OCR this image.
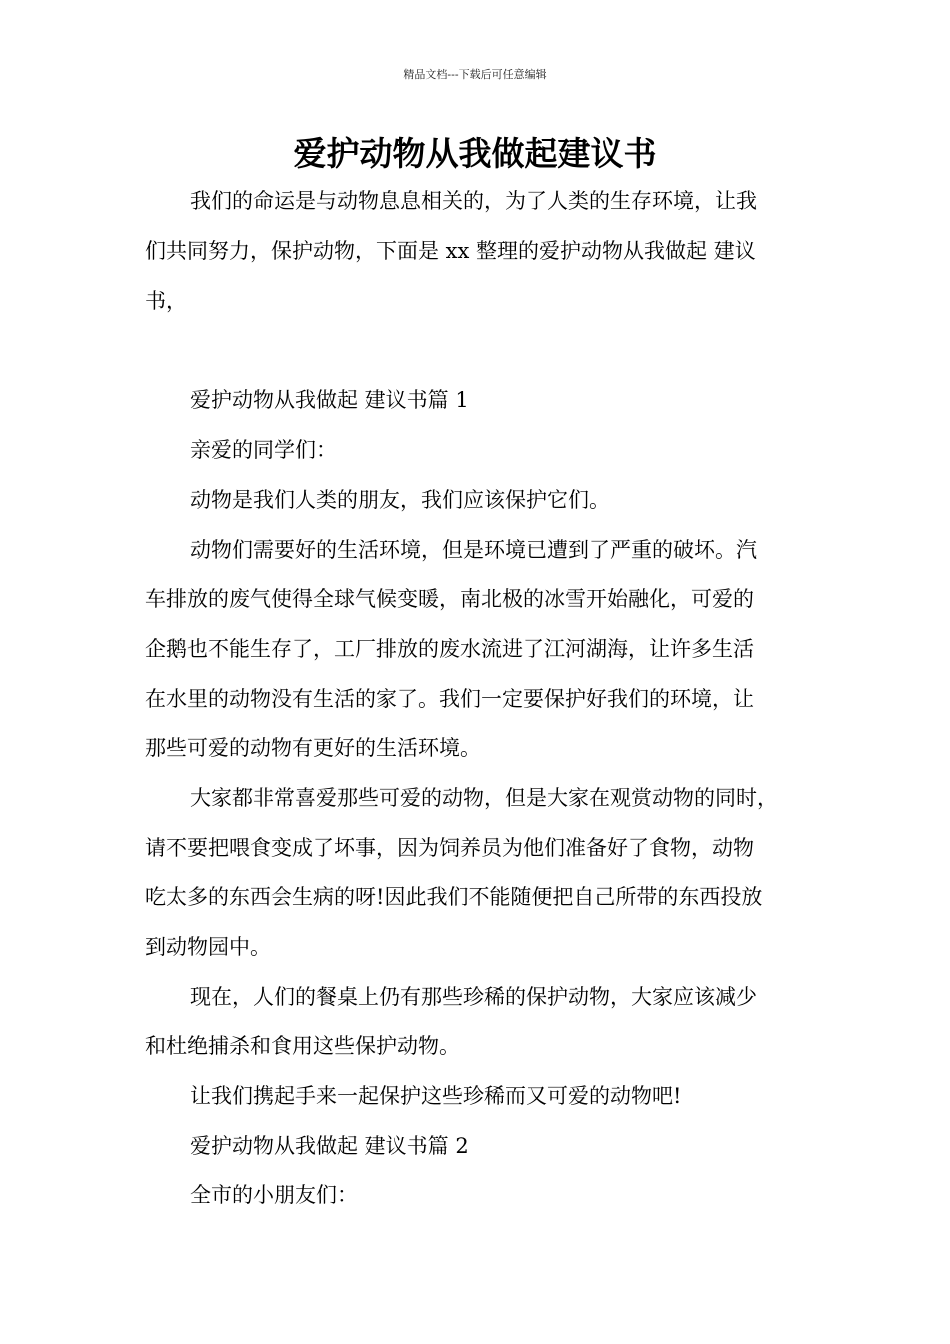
精品文档---下载后可任意编辑
爱护动物从我做起建议书
我们的命运是与动物息息相关的，为了人类的生存环境，让我
们共同努力，保护动物，下面是 xx 整理的爱护动物从我做起 建议
书，
爱护动物从我做起 建议书篇 1
亲爱的同学们：
动物是我们人类的朋友，我们应该保护它们。
动物们需要好的生活环境，但是环境已遭到了严重的破坏。汽
车排放的废气使得全球气候变暖，南北极的冰雪开始融化，可爱的
企鹅也不能生存了，工厂排放的废水流进了江河湖海，让许多生活
在水里的动物没有生活的家了。我们一定要保护好我们的环境，让
那些可爱的动物有更好的生活环境。
大家都非常喜爱那些可爱的动物，但是大家在观赏动物的同时，
请不要把喂食变成了坏事，因为饲养员为他们准备好了食物，动物
吃太多的东西会生病的呀!因此我们不能随便把自己所带的东西投放
到动物园中。
现在，人们的餐桌上仍有那些珍稀的保护动物，大家应该减少
和杜绝捕杀和食用这些保护动物。
让我们携起手来一起保护这些珍稀而又可爱的动物吧!
爱护动物从我做起 建议书篇 2
全市的小朋友们：
